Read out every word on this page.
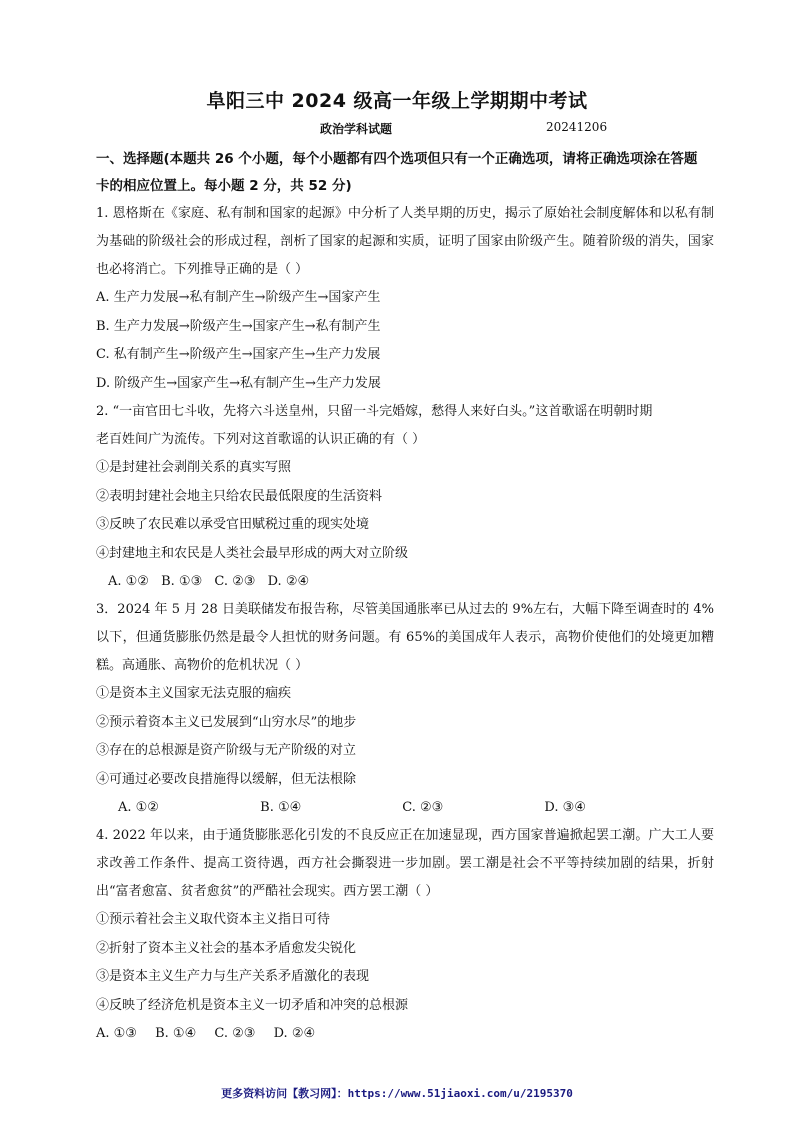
阜阳三中 2024 级高一年级上学期期中考试
政治学科试题	20241206
一、选择题(本题共 26 个小题，每个小题都有四个选项但只有一个正确选项，请将正确选项涂在答题卡的相应位置上。每小题 2 分，共 52 分)
1. 恩格斯在《家庭、私有制和国家的起源》中分析了人类早期的历史，揭示了原始社会制度解体和以私有制为基础的阶级社会的形成过程，剖析了国家的起源和实质，证明了国家由阶级产生。随着阶级的消失，国家也必将消亡。下列推导正确的是（ ）
A. 生产力发展→私有制产生→阶级产生→国家产生
B. 生产力发展→阶级产生→国家产生→私有制产生
C. 私有制产生→阶级产生→国家产生→生产力发展
D. 阶级产生→国家产生→私有制产生→生产力发展
2. “一亩官田七斗收，先将六斗送皇州，只留一斗完婚嫁，愁得人来好白头。”这首歌谣在明朝时期
老百姓间广为流传。下列对这首歌谣的认识正确的有（ ）
①是封建社会剥削关系的真实写照
②表明封建社会地主只给农民最低限度的生活资料
③反映了农民难以承受官田赋税过重的现实处境
④封建地主和农民是人类社会最早形成的两大对立阶级
A. ①② B. ①③ C. ②③ D. ②④
3．2024 年 5 月 28 日美联储发布报告称，尽管美国通胀率已从过去的 9%左右，大幅下降至调查时的 4%以下，但通货膨胀仍然是最令人担忧的财务问题。有 65%的美国成年人表示，高物价使他们的处境更加糟糕。高通胀、高物价的危机状况（ ）
①是资本主义国家无法克服的痼疾
②预示着资本主义已发展到“山穷水尽”的地步
③存在的总根源是资产阶级与无产阶级的对立
④可通过必要改良措施得以缓解，但无法根除
A. ①②	B. ①④	C. ②③	D. ③④
4. 2022 年以来，由于通货膨胀恶化引发的不良反应正在加速显现，西方国家普遍掀起罢工潮。广大工人要求改善工作条件、提高工资待遇，西方社会撕裂进一步加剧。罢工潮是社会不平等持续加剧的结果，折射出“富者愈富、贫者愈贫”的严酷社会现实。西方罢工潮（ ）
①预示着社会主义取代资本主义指日可待
②折射了资本主义社会的基本矛盾愈发尖锐化
③是资本主义生产力与生产关系矛盾激化的表现
④反映了经济危机是资本主义一切矛盾和冲突的总根源
A. ①③ B. ①④ C. ②③ D. ②④
更多资料访问【教习网】：https://www.51jiaoxi.com/u/2195370
